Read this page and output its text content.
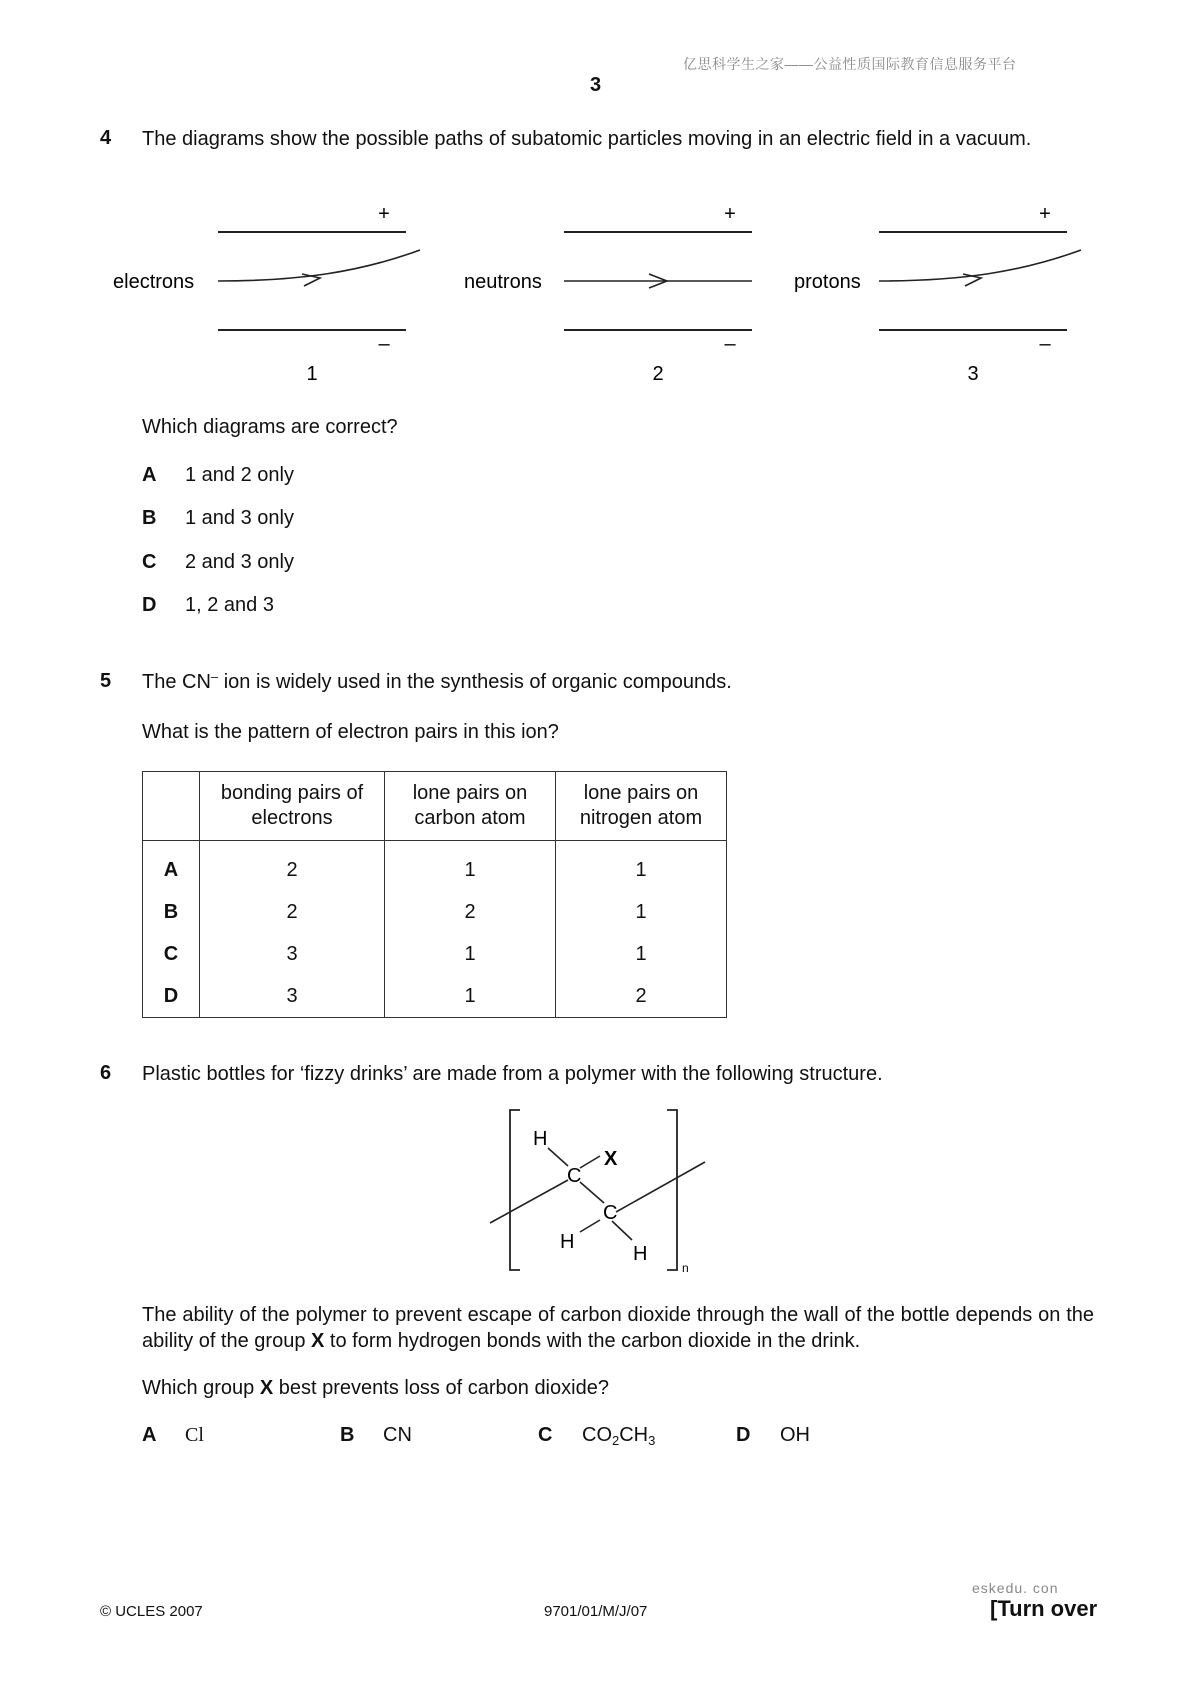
亿思科学生之家——公益性质国际教育信息服务平台
3
4 The diagrams show the possible paths of subatomic particles moving in an electric field in a vacuum.
+
–
electrons
1
+
–
neutrons
2
+
–
protons
3
Which diagrams are correct?
A 1 and 2 only
B 1 and 3 only
C 2 and 3 only
D 1, 2 and 3
5 The CN– ion is widely used in the synthesis of organic compounds.
What is the pattern of electron pairs in this ion?
	bonding pairs of electrons	lone pairs on carbon atom	lone pairs on nitrogen atom
A	2	1	1
B	2	2	1
C	3	1	1
D	3	1	2
6 Plastic bottles for ‘fizzy drinks’ are made from a polymer with the following structure.
H
X
C
C
H
H
n
The ability of the polymer to prevent escape of carbon dioxide through the wall of the bottle depends on the ability of the group X to form hydrogen bonds with the carbon dioxide in the drink.
Which group X best prevents loss of carbon dioxide?
A Cl	B CN	C $CO_2CH_3$	D OH
eskedu. con
© UCLES 2007	9701/01/M/J/07	[Turn over
